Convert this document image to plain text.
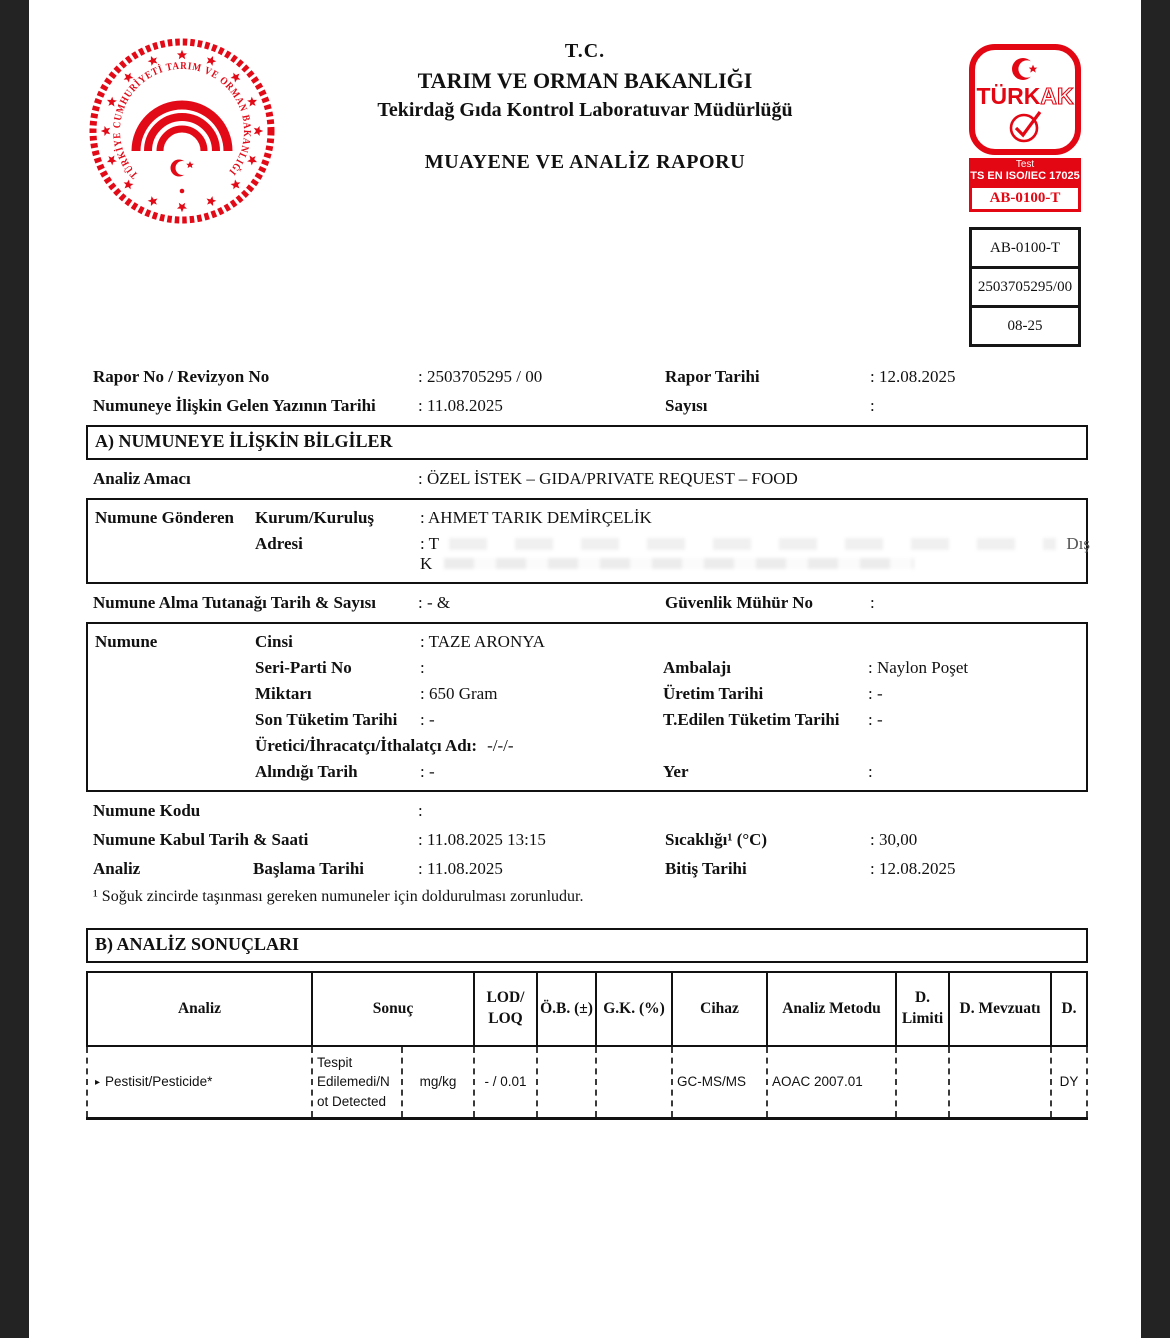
TÜRKİYE CUMHURİYETİ TARIM VE ORMAN BAKANLIĞI
T.C.
TARIM VE ORMAN BAKANLIĞI
Tekirdağ Gıda Kontrol Laboratuvar Müdürlüğü
MUAYENE VE ANALİZ RAPORU
TÜRKAK
Test
TS EN ISO/IEC 17025
AB-0100-T
AB-0100-T
2503705295/00
08-25
Rapor No / Revizyon No	: 2503705295 / 00	Rapor Tarihi	: 12.08.2025
Numuneye İlişkin Gelen Yazının Tarihi	: 11.08.2025	Sayısı	:
A) NUMUNEYE İLİŞKİN BİLGİLER
Analiz Amacı	: ÖZEL İSTEK – GIDA/PRIVATE REQUEST – FOOD
Numune Gönderen	Kurum/Kuruluş	: AHMET TARIK DEMİRÇELİK
Adresi	: T	Dış
K
Numune Alma Tutanağı Tarih & Sayısı	: - &	Güvenlik Mühür No	:
Numune	Cinsi	: TAZE ARONYA
Seri-Parti No	:	Ambalajı	: Naylon Poşet
Miktarı	: 650 Gram	Üretim Tarihi	: -
Son Tüketim Tarihi	: -	T.Edilen Tüketim Tarihi	: -
Üretici/İhracatçı/İthalatçı Adı: -/-/-
Alındığı Tarih	: -	Yer	:
Numune Kodu	:
Numune Kabul Tarih & Saati	: 11.08.2025 13:15	Sıcaklığı¹ (°C)	: 30,00
Analiz	Başlama Tarihi	: 11.08.2025	Bitiş Tarihi	: 12.08.2025
¹ Soğuk zincirde taşınması gereken numuneler için doldurulması zorunludur.
B) ANALİZ SONUÇLARI
Analiz	Sonuç		LOD/ LOQ	Ö.B. (±)	G.K. (%)	Cihaz	Analiz Metodu	D. Limiti	D. Mevzuatı	D.
▸ Pestisit/Pesticide*	Tespit Edilemedi/Not Detected	mg/kg	- / 0.01			GC-MS/MS	AOAC 2007.01			DY
